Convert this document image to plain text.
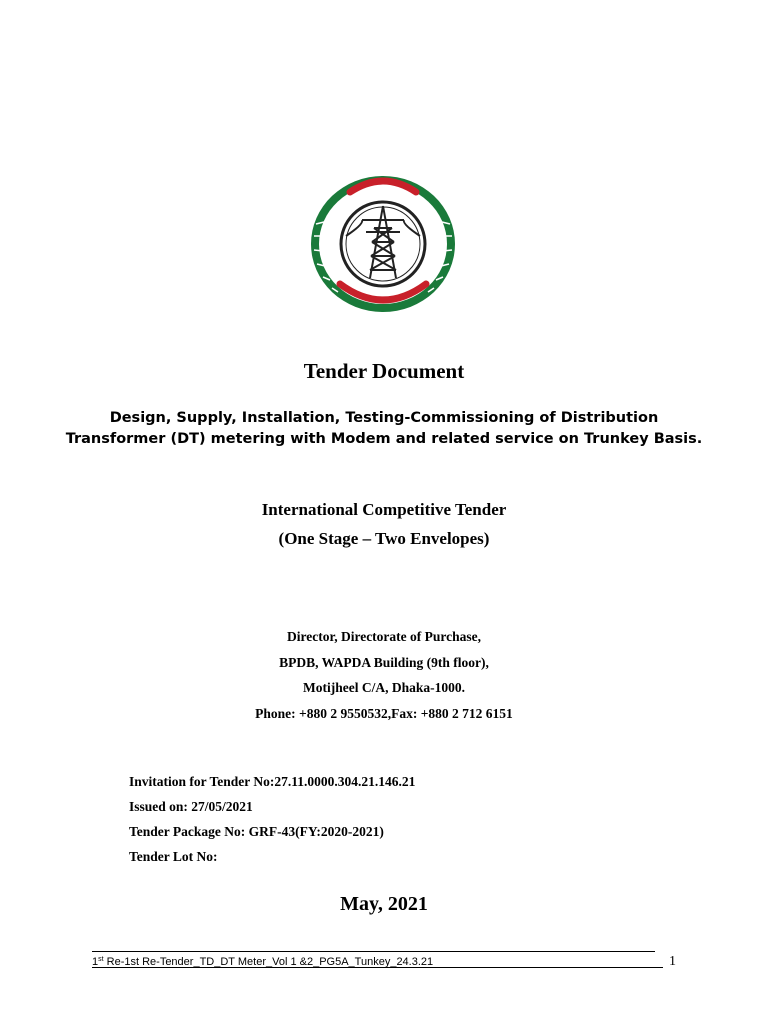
Tender Document
Design, Supply, Installation, Testing-Commissioning of Distribution
Transformer (DT) metering with Modem and related service on Trunkey Basis.
International Competitive Tender
(One Stage – Two Envelopes)
Director, Directorate of Purchase,
BPDB, WAPDA Building (9th floor),
Motijheel C/A, Dhaka-1000.
Phone: +880 2 9550532,Fax: +880 2 712 6151
Invitation for Tender No:27.11.0000.304.21.146.21
Issued on: 27/05/2021
Tender Package No: GRF-43(FY:2020-2021)
Tender Lot No:
May, 2021
1st Re-1st Re-Tender_TD_DT Meter_Vol 1 &2_PG5A_Tunkey_24.3.21	1
